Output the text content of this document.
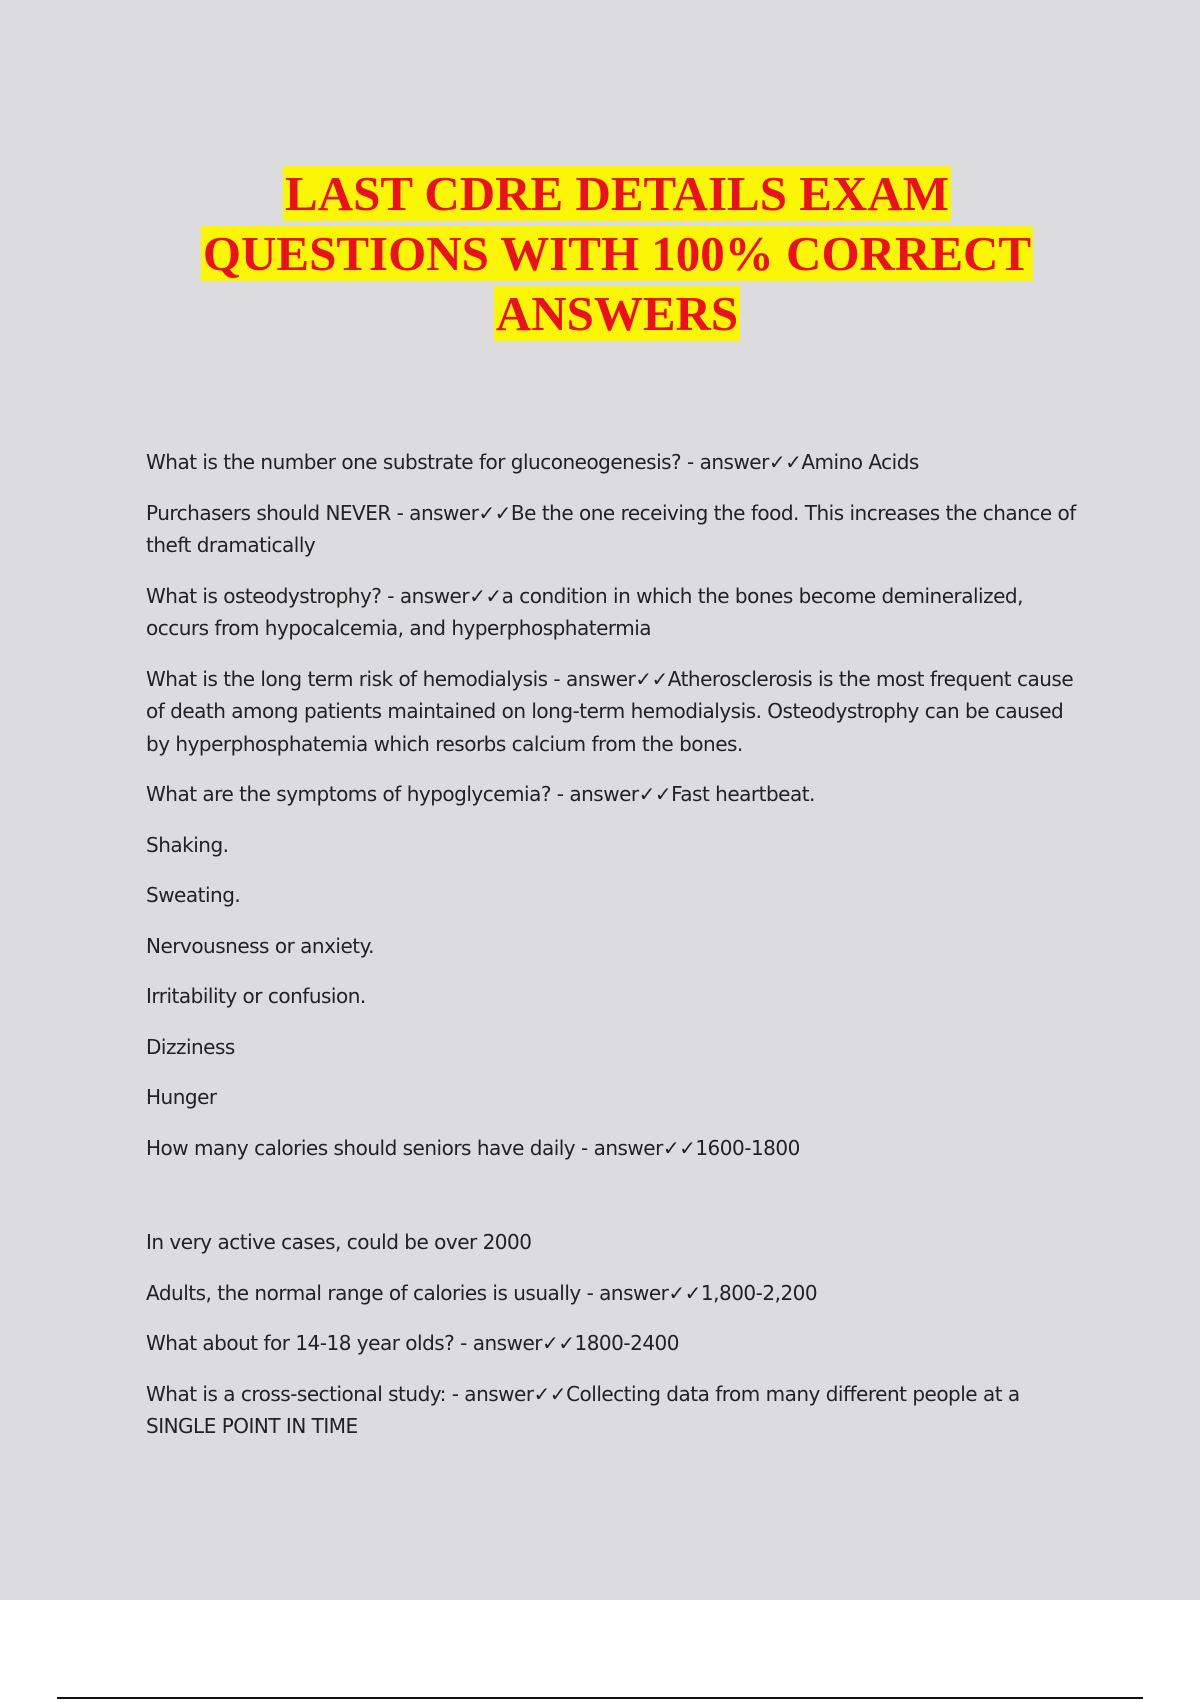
LAST CDRE DETAILS EXAM
QUESTIONS WITH 100% CORRECT
ANSWERS

What is the number one substrate for gluconeogenesis? - answer✓✓Amino Acids

Purchasers should NEVER - answer✓✓Be the one receiving the food. This increases the chance of theft dramatically

What is osteodystrophy? - answer✓✓a condition in which the bones become demineralized, occurs from hypocalcemia, and hyperphosphatermia

What is the long term risk of hemodialysis - answer✓✓Atherosclerosis is the most frequent cause of death among patients maintained on long-term hemodialysis. Osteodystrophy can be caused by hyperphosphatemia which resorbs calcium from the bones.

What are the symptoms of hypoglycemia? - answer✓✓Fast heartbeat.

Shaking.

Sweating.

Nervousness or anxiety.

Irritability or confusion.

Dizziness

Hunger

How many calories should seniors have daily - answer✓✓1600-1800

In very active cases, could be over 2000

Adults, the normal range of calories is usually - answer✓✓1,800-2,200

What about for 14-18 year olds? - answer✓✓1800-2400

What is a cross-sectional study: - answer✓✓Collecting data from many different people at a SINGLE POINT IN TIME
